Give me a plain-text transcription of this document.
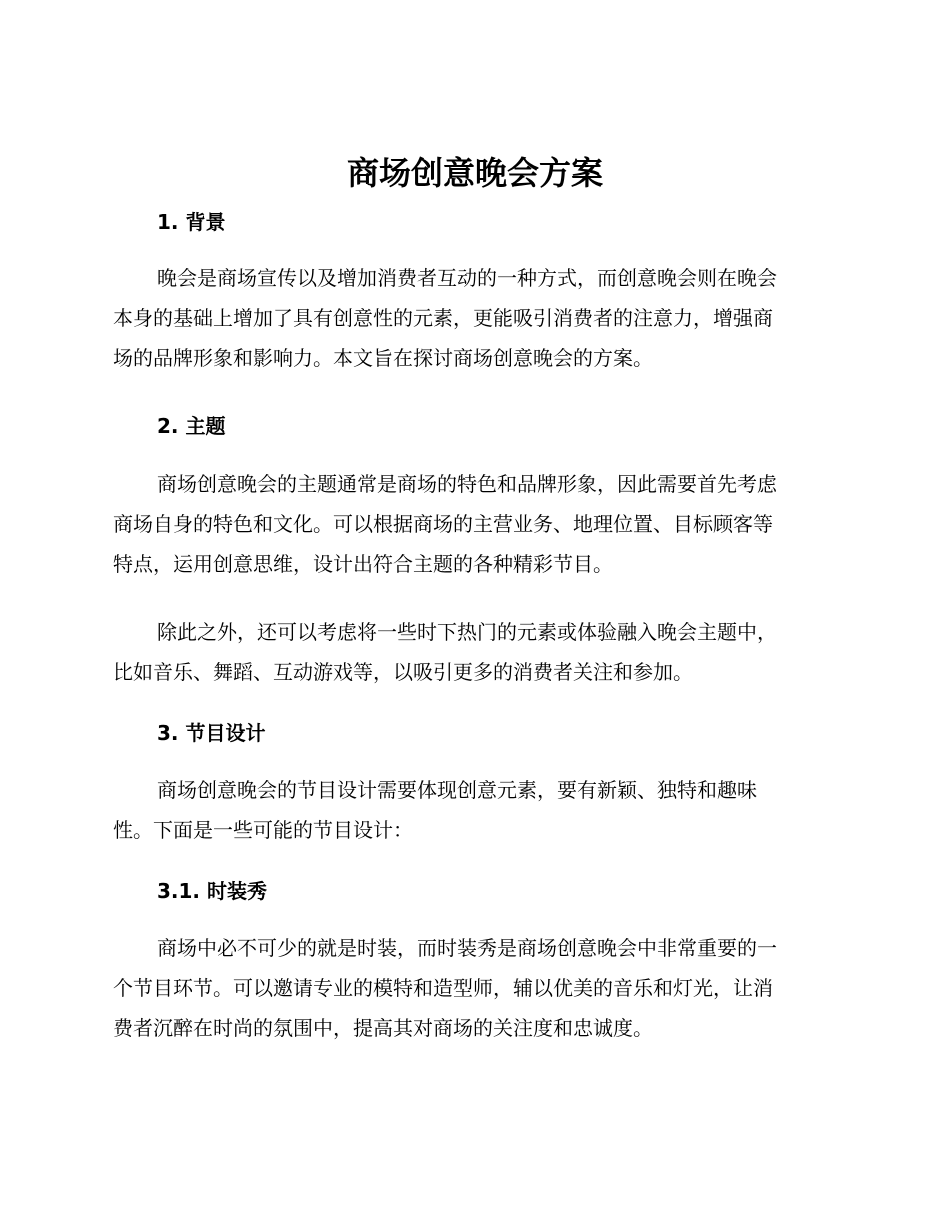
商场创意晚会方案
1. 背景

晚会是商场宣传以及增加消费者互动的一种方式，而创意晚会则在晚会
本身的基础上增加了具有创意性的元素，更能吸引消费者的注意力，增强商
场的品牌形象和影响力。本文旨在探讨商场创意晚会的方案。

2. 主题

商场创意晚会的主题通常是商场的特色和品牌形象，因此需要首先考虑
商场自身的特色和文化。可以根据商场的主营业务、地理位置、目标顾客等
特点，运用创意思维，设计出符合主题的各种精彩节目。

除此之外，还可以考虑将一些时下热门的元素或体验融入晚会主题中，
比如音乐、舞蹈、互动游戏等，以吸引更多的消费者关注和参加。

3. 节目设计

商场创意晚会的节目设计需要体现创意元素，要有新颖、独特和趣味
性。下面是一些可能的节目设计：

3.1. 时装秀

商场中必不可少的就是时装，而时装秀是商场创意晚会中非常重要的一
个节目环节。可以邀请专业的模特和造型师，辅以优美的音乐和灯光，让消
费者沉醉在时尚的氛围中，提高其对商场的关注度和忠诚度。
